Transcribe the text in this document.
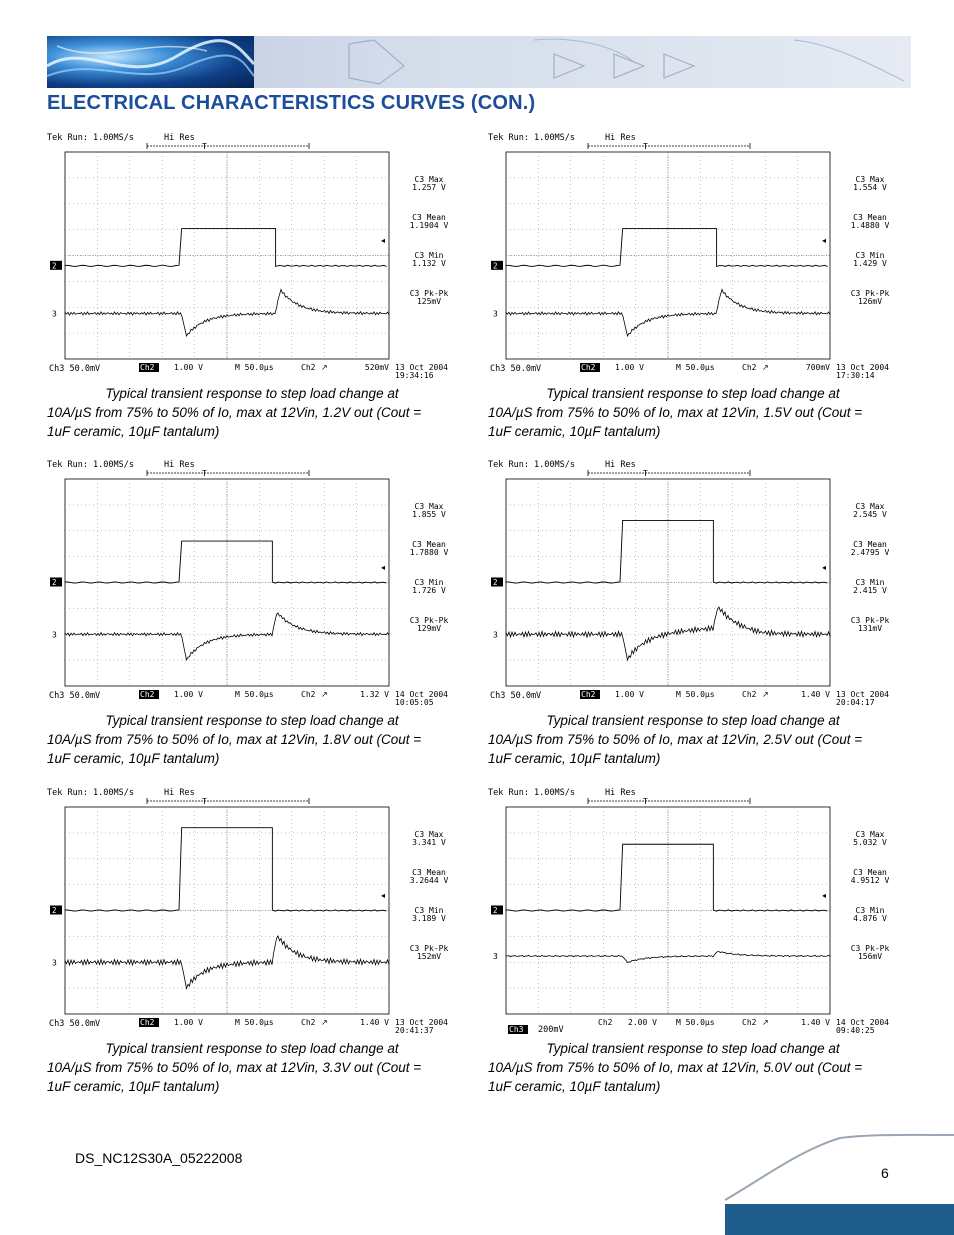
ELECTRICAL CHARACTERISTICS CURVES (CON.)
Tek Run: 1.00MS/s	Hi Res
T
2
3
◂
C3 Max
1.257 V
C3 Mean
1.1904 V
C3 Min
1.132 V
C3 Pk-Pk
125mV
Ch3 50.0mV	Ch2 1.00 V	M 50.0µs	Ch2 ↗	520mV 13 Oct 2004
19:34:16
Typical transient response to step load change at
10A/µS from 75% to 50% of Io, max at 12Vin, 1.2V out (Cout =
1uF ceramic, 10µF tantalum)
Tek Run: 1.00MS/s	Hi Res
T
2
3
◂
C3 Max
1.554 V
C3 Mean
1.4880 V
C3 Min
1.429 V
C3 Pk-Pk
126mV
Ch3 50.0mV	Ch2 1.00 V	M 50.0µs	Ch2 ↗	700mV 13 Oct 2004
17:30:14
Typical transient response to step load change at
10A/µS from 75% to 50% of Io, max at 12Vin, 1.5V out (Cout =
1uF ceramic, 10µF tantalum)
Tek Run: 1.00MS/s	Hi Res
T
2
3
◂
C3 Max
1.855 V
C3 Mean
1.7880 V
C3 Min
1.726 V
C3 Pk-Pk
129mV
Ch3 50.0mV	Ch2 1.00 V	M 50.0µs	Ch2 ↗	1.32 V 14 Oct 2004
10:05:05
Typical transient response to step load change at
10A/µS from 75% to 50% of Io, max at 12Vin, 1.8V out (Cout =
1uF ceramic, 10µF tantalum)
Tek Run: 1.00MS/s	Hi Res
T
2
3
◂
C3 Max
2.545 V
C3 Mean
2.4795 V
C3 Min
2.415 V
C3 Pk-Pk
131mV
Ch3 50.0mV	Ch2 1.00 V	M 50.0µs	Ch2 ↗	1.40 V 13 Oct 2004
20:04:17
Typical transient response to step load change at
10A/µS from 75% to 50% of Io, max at 12Vin, 2.5V out (Cout =
1uF ceramic, 10µF tantalum)
Tek Run: 1.00MS/s	Hi Res
T
2
3
◂
C3 Max
3.341 V
C3 Mean
3.2644 V
C3 Min
3.189 V
C3 Pk-Pk
152mV
Ch3 50.0mV	Ch2 1.00 V	M 50.0µs	Ch2 ↗	1.40 V 13 Oct 2004
20:41:37
Typical transient response to step load change at
10A/µS from 75% to 50% of Io, max at 12Vin, 3.3V out (Cout =
1uF ceramic, 10µF tantalum)
Tek Run: 1.00MS/s	Hi Res
T
2
3
◂
C3 Max
5.032 V
C3 Mean
4.9512 V
C3 Min
4.876 V
C3 Pk-Pk
156mV
Ch3 200mV
Ch2 2.00 V M 50.0µs	Ch2 ↗	1.40 V 14 Oct 2004
09:40:25
Typical transient response to step load change at
10A/µS from 75% to 50% of Io, max at 12Vin, 5.0V out (Cout =
1uF ceramic, 10µF tantalum)
DS_NC12S30A_05222008
6
